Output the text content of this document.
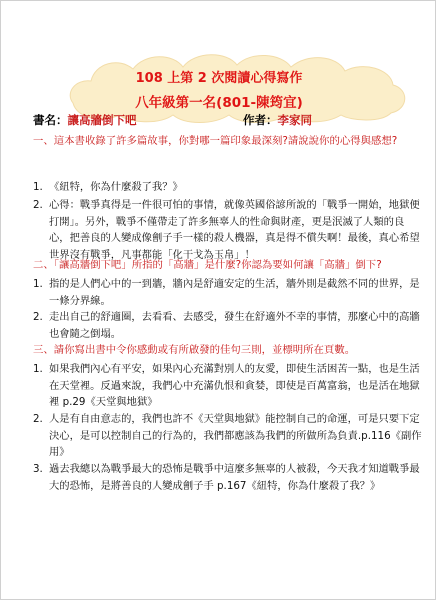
108 上第 2 次閱讀心得寫作
八年級第一名(801-陳筠宜)
書名：讓高牆倒下吧	作者：李家同
一、這本書收錄了許多篇故事，你對哪一篇印象最深刻?請說說你的心得與感想?
1. 《紐特，你為什麼殺了我？》
2. 心得：戰爭真得是一件很可怕的事情，就像英國俗諺所說的「戰爭一開始，地獄便打開」。另外，戰爭不僅帶走了許多無辜人的性命與財產，更是泯滅了人類的良心，把善良的人變成像劊子手一樣的殺人機器，真是得不償失啊！最後，真心希望世界沒有戰爭，凡事都能「化干戈為玉帛」！
二、「讓高牆倒下吧」所指的「高牆」是什麼?你認為要如何讓「高牆」倒下?
1. 指的是人們心中的一到牆，牆內是舒適安定的生活，牆外則是截然不同的世界，是一條分界線。
2. 走出自己的舒適圈，去看看、去感受，發生在舒適外不幸的事情，那麼心中的高牆也會隨之倒塌。
三、請你寫出書中令你感動或有所啟發的佳句三則，並標明所在頁數。
1. 如果我們內心有平安，如果內心充滿對別人的友愛，即使生活困苦一點，也是生活在天堂裡。反過來說，我們心中充滿仇恨和貪婪，即使是百萬富翁，也是活在地獄裡 p.29《天堂與地獄》
2. 人是有自由意志的，我們也許不《天堂與地獄》能控制自己的命運，可是只要下定決心，是可以控制自己的行為的，我們都應該為我們的所做所為負責.p.116《副作用》
3. 過去我總以為戰爭最大的恐怖是戰爭中這麼多無辜的人被殺，今天我才知道戰爭最大的恐怖，是將善良的人變成劊子手 p.167《紐特，你為什麼殺了我？》
